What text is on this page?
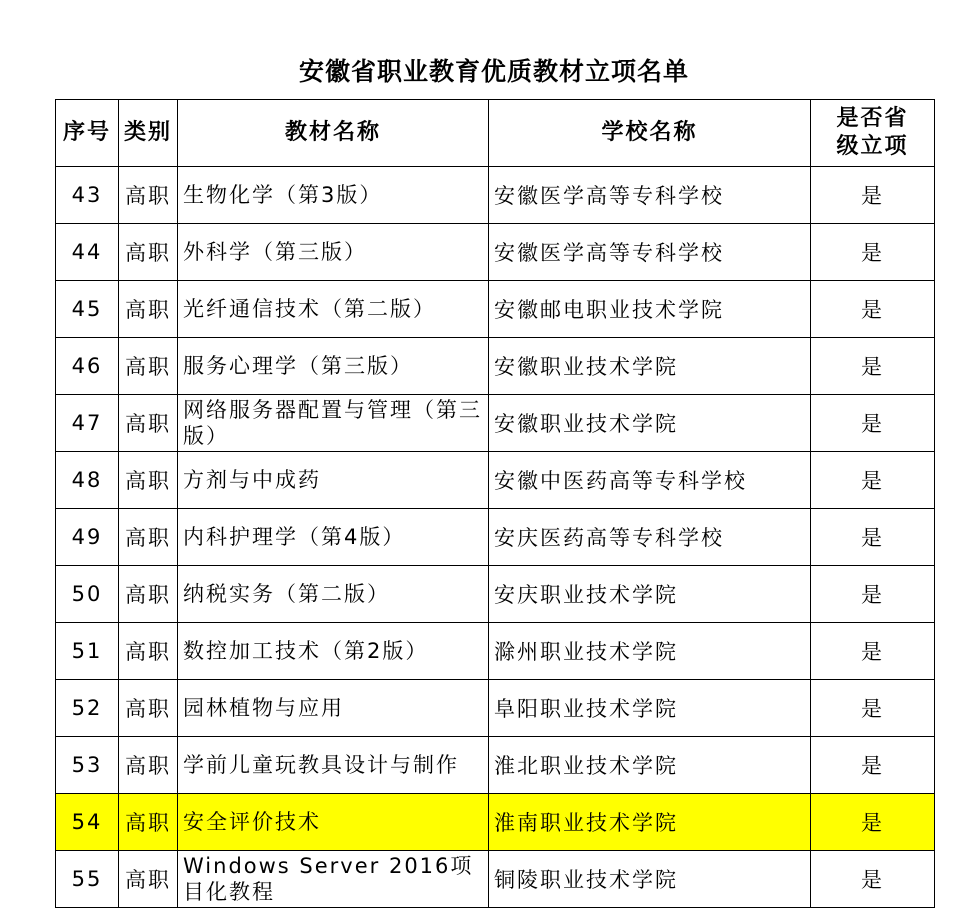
安徽省职业教育优质教材立项名单
序号	类别	教材名称	学校名称	是否省级立项
43	高职	生物化学（第3版）	安徽医学高等专科学校	是
44	高职	外科学（第三版）	安徽医学高等专科学校	是
45	高职	光纤通信技术（第二版）	安徽邮电职业技术学院	是
46	高职	服务心理学（第三版）	安徽职业技术学院	是
47	高职	网络服务器配置与管理（第三版）	安徽职业技术学院	是
48	高职	方剂与中成药	安徽中医药高等专科学校	是
49	高职	内科护理学（第4版）	安庆医药高等专科学校	是
50	高职	纳税实务（第二版）	安庆职业技术学院	是
51	高职	数控加工技术（第2版）	滁州职业技术学院	是
52	高职	园林植物与应用	阜阳职业技术学院	是
53	高职	学前儿童玩教具设计与制作	淮北职业技术学院	是
54	高职	安全评价技术	淮南职业技术学院	是
55	高职	Windows Server 2016项目化教程	铜陵职业技术学院	是
